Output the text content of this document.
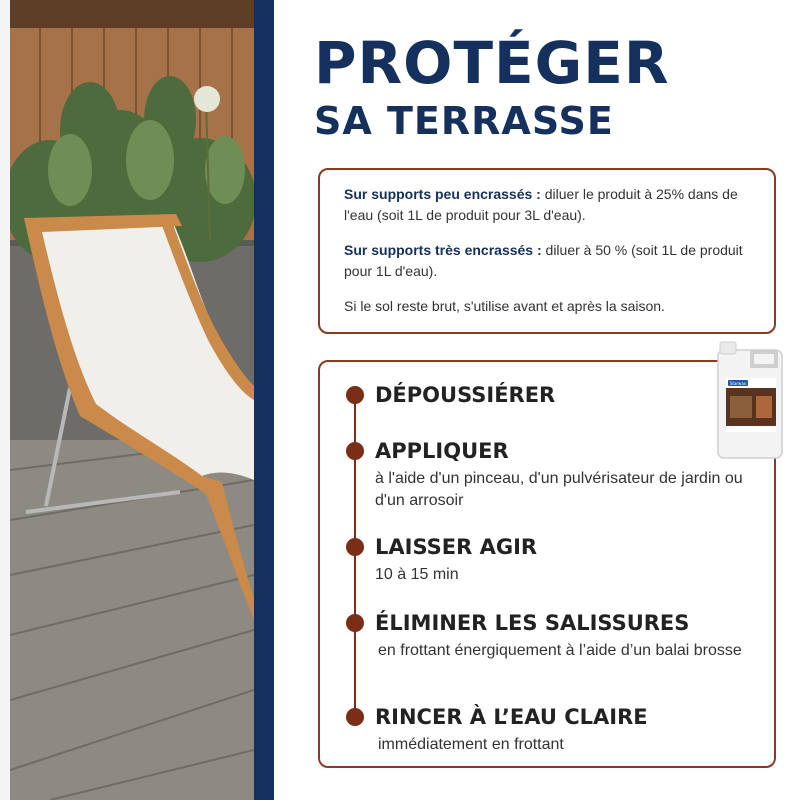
PROTÉGER
SA TERRASSE

Sur supports peu encrassés : diluer le produit à 25% dans de l'eau (soit 1L de produit pour 3L d'eau).

Sur supports très encrassés : diluer à 50 % (soit 1L de produit pour 1L d'eau).

Si le sol reste brut, s'utilise avant et après la saison.

DÉPOUSSIÉRER
APPLIQUER
à l'aide d'un pinceau, d'un pulvérisateur de jardin ou d'un arrosoir
LAISSER AGIR
10 à 15 min
ÉLIMINER LES SALISSURES
en frottant énergiquement à l’aide d’un balai brosse
RINCER À L’EAU CLAIRE
immédiatement en frottant
Starwax
